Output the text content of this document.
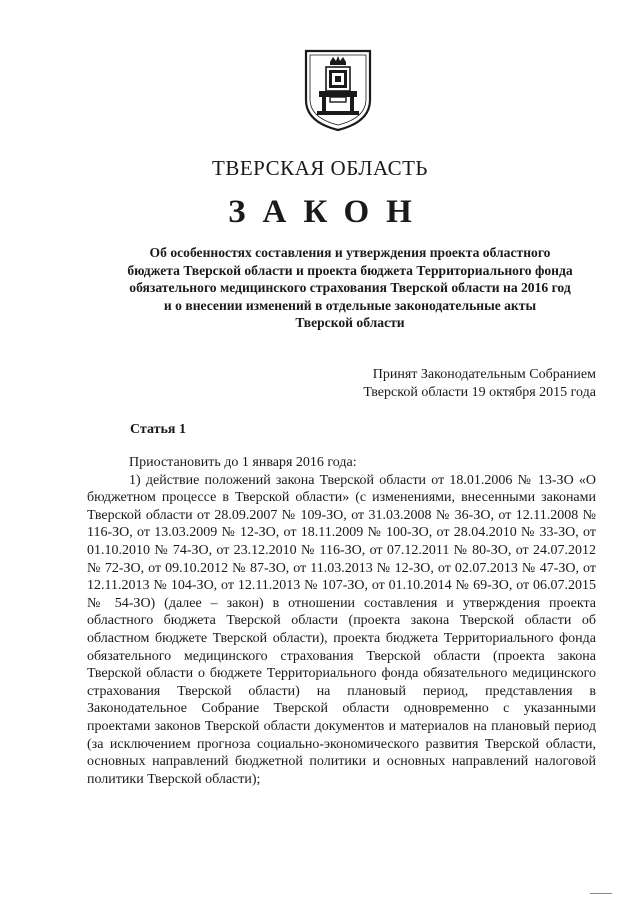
ТВЕРСКАЯ ОБЛАСТЬ
ЗАКОН
Об особенностях составления и утверждения проекта областного
бюджета Тверской области и проекта бюджета Территориального фонда
обязательного медицинского страхования Тверской области на 2016 год
и о внесении изменений в отдельные законодательные акты
Тверской области
Принят Законодательным Собранием
Тверской области 19 октября 2015 года
Статья 1

Приостановить до 1 января 2016 года:

1) действие положений закона Тверской области от 18.01.2006 № 13-ЗО «О бюджетном процессе в Тверской области» (с изменениями, внесенными законами Тверской области от 28.09.2007 № 109-ЗО, от 31.03.2008 № 36-ЗО, от 12.11.2008 № 116-ЗО, от 13.03.2009 № 12-ЗО, от 18.11.2009 № 100-ЗО, от 28.04.2010 № 33-ЗО, от 01.10.2010 № 74-ЗО, от 23.12.2010 № 116-ЗО, от 07.12.2011 № 80-ЗО, от 24.07.2012 № 72-ЗО, от 09.10.2012 № 87-ЗО, от 11.03.2013 № 12-ЗО, от 02.07.2013 № 47-ЗО, от 12.11.2013 № 104-ЗО, от 12.11.2013 № 107-ЗО, от 01.10.2014 № 69-ЗО, от 06.07.2015 № 54-ЗО) (далее – закон) в отношении составления и утверждения проекта областного бюджета Тверской области (проекта закона Тверской области об областном бюджете Тверской области), проекта бюджета Территориального фонда обязательного медицинского страхования Тверской области (проекта закона Тверской области о бюджете Территориального фонда обязательного медицинского страхования Тверской области) на плановый период, представления в Законодательное Собрание Тверской области одновременно с указанными проектами законов Тверской области документов и материалов на плановый период (за исключением прогноза социально-экономического развития Тверской области, основных направлений бюджетной политики и основных направлений налоговой политики Тверской области);
